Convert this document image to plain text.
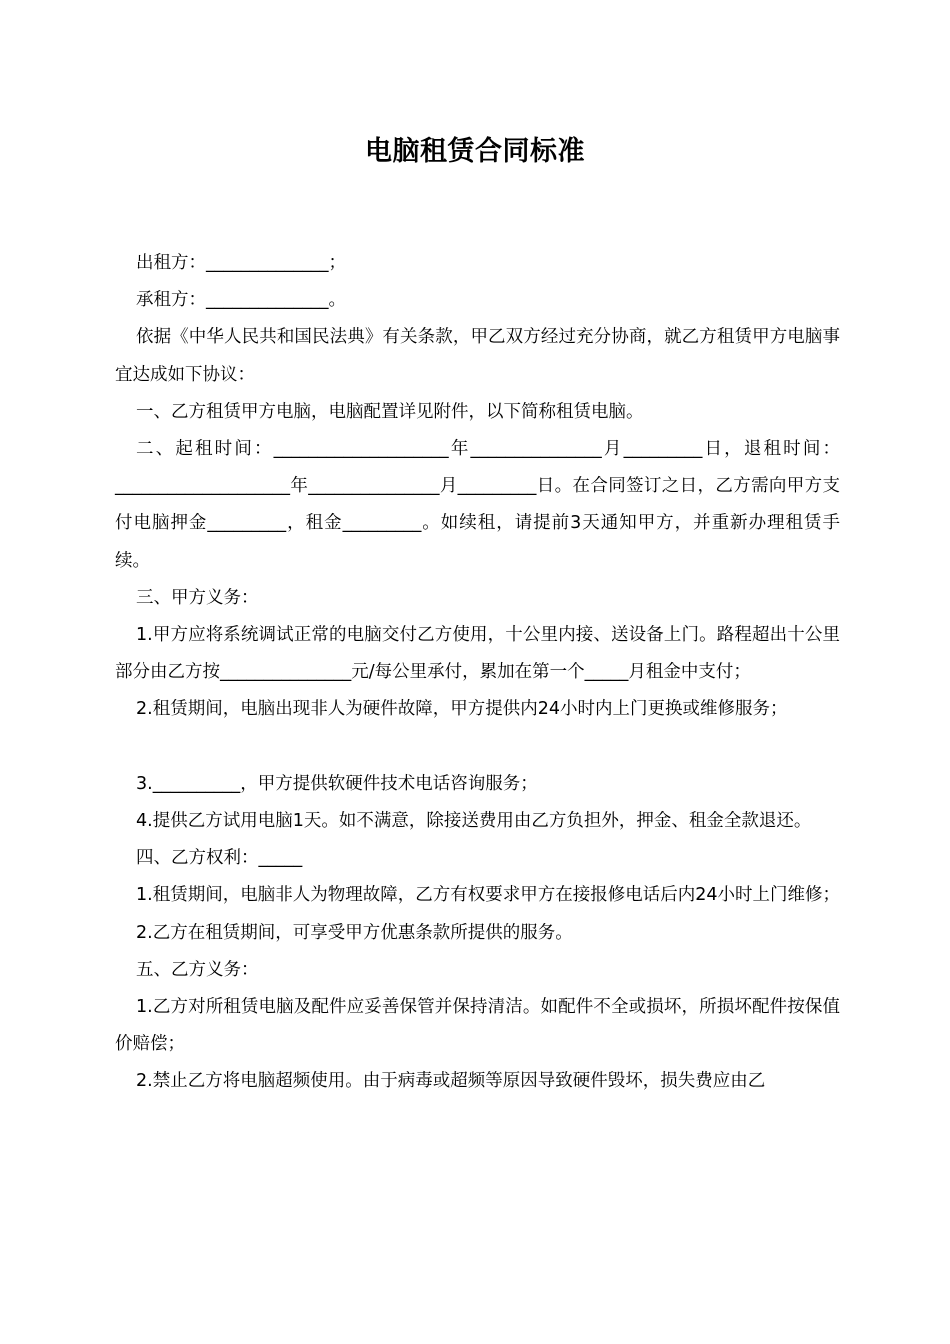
电脑租赁合同标准

出租方：______________；

承租方：______________。

依据《中华人民共和国民法典》有关条款，甲乙双方经过充分协商，就乙方租赁甲方电脑事宜达成如下协议：

一、乙方租赁甲方电脑，电脑配置详见附件，以下简称租赁电脑。

二、起租时间：____________________年_______________月_________日，退租时间：____________________年_______________月_________日。在合同签订之日，乙方需向甲方支付电脑押金_________，租金_________。如续租，请提前3天通知甲方，并重新办理租赁手续。

三、甲方义务：

1.甲方应将系统调试正常的电脑交付乙方使用，十公里内接、送设备上门。路程超出十公里部分由乙方按_______________元/每公里承付，累加在第一个_____月租金中支付；

2.租赁期间，电脑出现非人为硬件故障，甲方提供内24小时内上门更换或维修服务；

3.__________，甲方提供软硬件技术电话咨询服务；

4.提供乙方试用电脑1天。如不满意，除接送费用由乙方负担外，押金、租金全款退还。

四、乙方权利：_____

1.租赁期间，电脑非人为物理故障，乙方有权要求甲方在接报修电话后内24小时上门维修；

2.乙方在租赁期间，可享受甲方优惠条款所提供的服务。

五、乙方义务：

1.乙方对所租赁电脑及配件应妥善保管并保持清洁。如配件不全或损坏，所损坏配件按保值价赔偿；

2.禁止乙方将电脑超频使用。由于病毒或超频等原因导致硬件毁坏，损失费应由乙
